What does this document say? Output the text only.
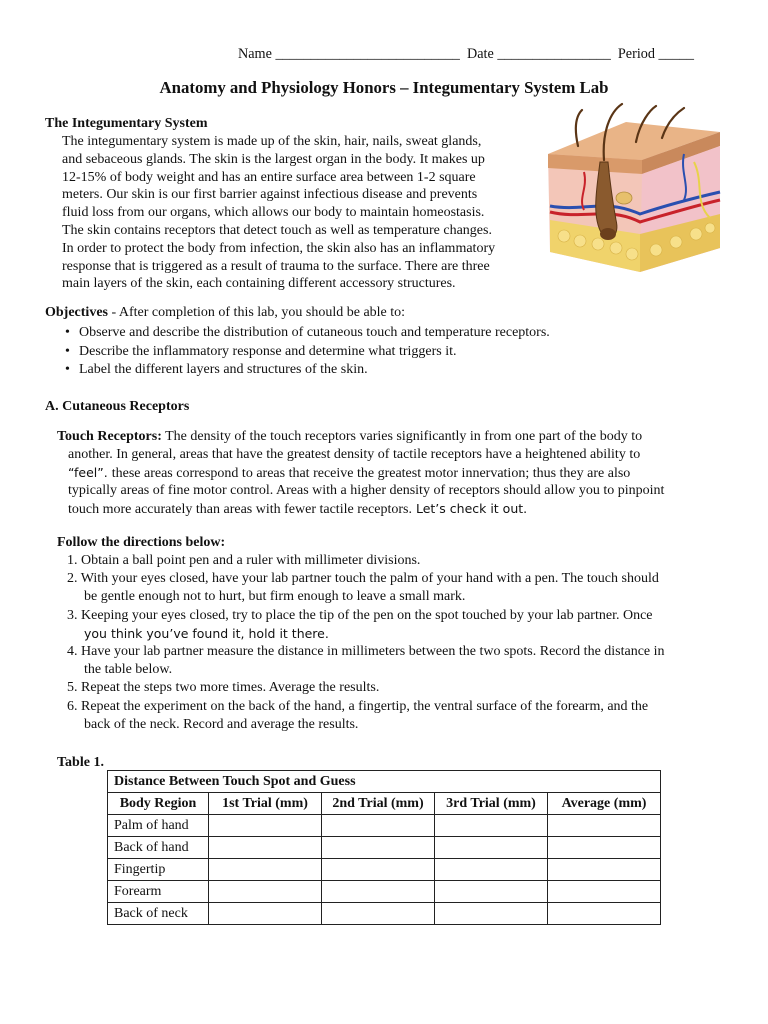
Name __________________________ Date ________________ Period _____
Anatomy and Physiology Honors – Integumentary System Lab
The Integumentary System
The integumentary system is made up of the skin, hair, nails, sweat glands,
and sebaceous glands. The skin is the largest organ in the body. It makes up
12-15% of body weight and has an entire surface area between 1-2 square
meters. Our skin is our first barrier against infectious disease and prevents
fluid loss from our organs, which allows our body to maintain homeostasis.
The skin contains receptors that detect touch as well as temperature changes.
In order to protect the body from infection, the skin also has an inflammatory
response that is triggered as a result of trauma to the surface. There are three
main layers of the skin, each containing different accessory structures.
Objectives - After completion of this lab, you should be able to:
• Observe and describe the distribution of cutaneous touch and temperature receptors.
• Describe the inflammatory response and determine what triggers it.
• Label the different layers and structures of the skin.
A. Cutaneous Receptors
Touch Receptors: The density of the touch receptors varies significantly in from one part of the body to
another. In general, areas that have the greatest density of tactile receptors have a heightened ability to
“feel”. these areas correspond to areas that receive the greatest motor innervation; thus they are also
typically areas of fine motor control. Areas with a higher density of receptors should allow you to pinpoint
touch more accurately than areas with fewer tactile receptors. Let’s check it out.
Follow the directions below:
1. Obtain a ball point pen and a ruler with millimeter divisions.
2. With your eyes closed, have your lab partner touch the palm of your hand with a pen. The touch should
be gentle enough not to hurt, but firm enough to leave a small mark.
3. Keeping your eyes closed, try to place the tip of the pen on the spot touched by your lab partner. Once
you think you’ve found it, hold it there.
4. Have your lab partner measure the distance in millimeters between the two spots. Record the distance in
the table below.
5. Repeat the steps two more times. Average the results.
6. Repeat the experiment on the back of the hand, a fingertip, the ventral surface of the forearm, and the
back of the neck. Record and average the results.
Table 1.
Distance Between Touch Spot and Guess				
Body Region	1st Trial (mm)	2nd Trial (mm)	3rd Trial (mm)	Average (mm)
Palm of hand				
Back of hand				
Fingertip				
Forearm				
Back of neck				
